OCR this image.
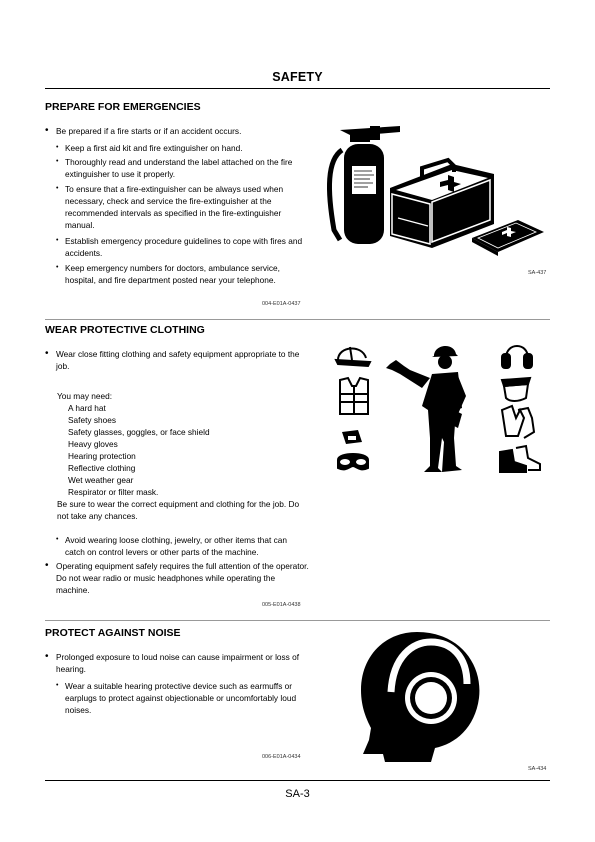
SAFETY
PREPARE FOR EMERGENCIES
• Be prepared if a fire starts or if an accident occurs.
• Keep a first aid kit and fire extinguisher on hand.
• Thoroughly read and understand the label attached on the fire extinguisher to use it properly.
• To ensure that a fire-extinguisher can be always used when necessary, check and service the fire-extinguisher at the recommended intervals as specified in the fire-extinguisher manual.
• Establish emergency procedure guidelines to cope with fires and accidents.
• Keep emergency numbers for doctors, ambulance service, hospital, and fire department posted near your telephone.
004-E01A-0437
SA-437
WEAR PROTECTIVE CLOTHING
• Wear close fitting clothing and safety equipment appropriate to the job.
You may need:
A hard hat
Safety shoes
Safety glasses, goggles, or face shield
Heavy gloves
Hearing protection
Reflective clothing
Wet weather gear
Respirator or filter mask.
Be sure to wear the correct equipment and clothing for the job. Do not take any chances.
• Avoid wearing loose clothing, jewelry, or other items that can catch on control levers or other parts of the machine.
• Operating equipment safely requires the full attention of the operator. Do not wear radio or music headphones while operating the machine.
005-E01A-0438
PROTECT AGAINST NOISE
• Prolonged exposure to loud noise can cause impairment or loss of hearing.
• Wear a suitable hearing protective device such as earmuffs or earplugs to protect against objectionable or uncomfortably loud noises.
006-E01A-0434
SA-434
SA-3
